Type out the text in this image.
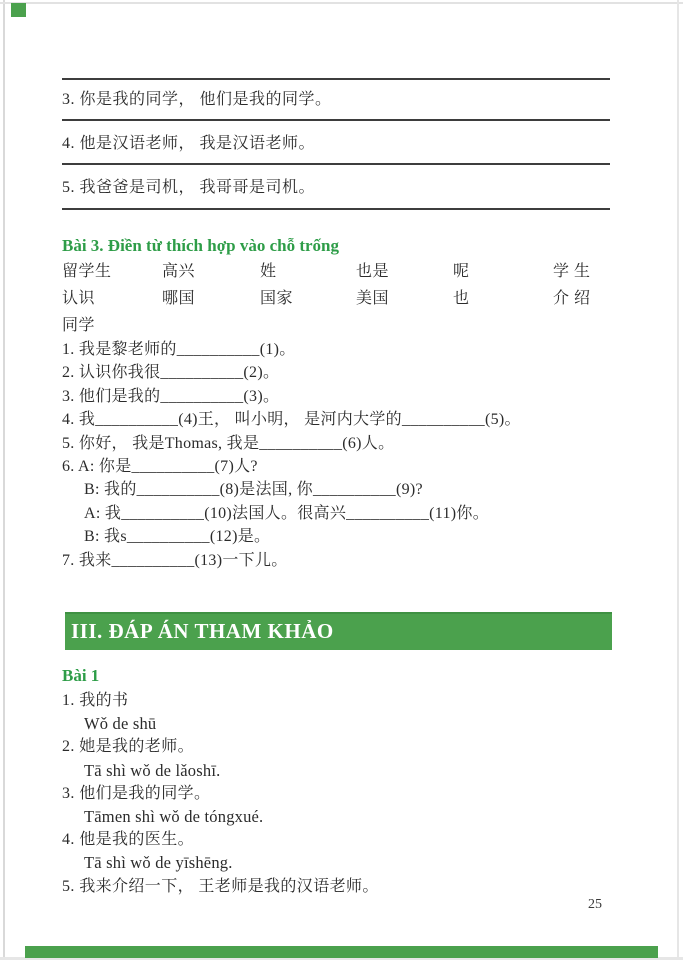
3. 你是我的同学， 他们是我的同学。
4. 他是汉语老师， 我是汉语老师。
5. 我爸爸是司机， 我哥哥是司机。
Bài 3. Điền từ thích hợp vào chỗ trống
留学生	高兴	姓	也是	呢	学 生
认识	哪国	国家	美国	也	介 绍
同学
1. 我是黎老师的__________(1)。
2. 认识你我很__________(2)。
3. 他们是我的__________(3)。
4. 我__________(4)王， 叫小明， 是河内大学的__________(5)。
5. 你好， 我是Thomas, 我是__________(6)人。
6. A: 你是__________(7)人?
B: 我的__________(8)是法国, 你__________(9)?
A: 我__________(10)法国人。很高兴__________(11)你。
B: 我s__________(12)是。
7. 我来__________(13)一下儿。
III. ĐÁP ÁN THAM KHẢO
Bài 1
1. 我的书
Wǒ de shū
2. 她是我的老师。
Tā shì wǒ de lǎoshī.
3. 他们是我的同学。
Tāmen shì wǒ de tóngxué.
4. 他是我的医生。
Tā shì wǒ de yīshēng.
5. 我来介绍一下， 王老师是我的汉语老师。
25
